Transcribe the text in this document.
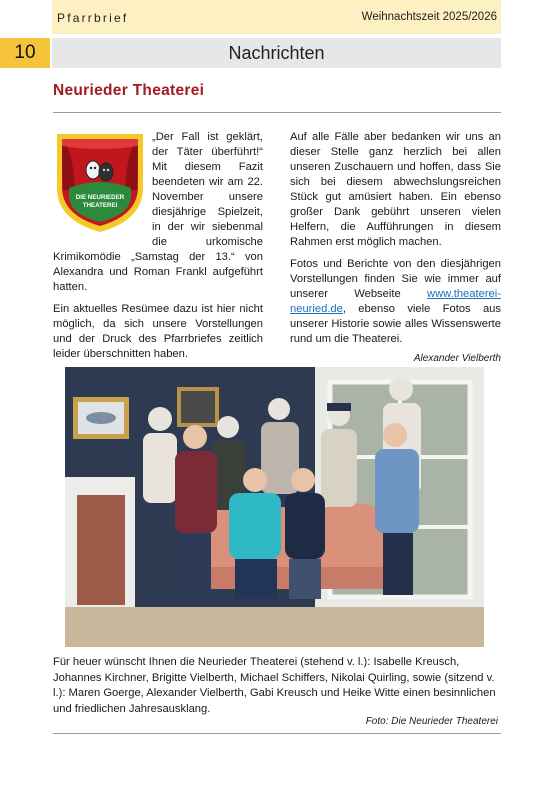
Pfarrbrief	Weihnachtszeit 2025/2026
10	Nachrichten
Neurieder Theaterei
DIE NEURIEDER
THEATEREI

„Der Fall ist geklärt, der Täter überführt!“ Mit diesem Fazit beendeten wir am 22. November unsere diesjährige Spielzeit, in der wir siebenmal die urkomische Krimikomödie „Samstag der 13.“ von Alexandra und Roman Frankl aufgeführt hatten.

Ein aktuelles Resümee dazu ist hier nicht möglich, da sich unsere Vorstellungen und der Druck des Pfarrbriefes zeitlich leider überschnitten haben.

Auf alle Fälle aber bedanken wir uns an dieser Stelle ganz herzlich bei allen unseren Zuschauern und hoffen, dass Sie sich bei diesem abwechslungsreichen Stück gut amüsiert haben. Ein ebenso großer Dank gebührt unseren vielen Helfern, die Aufführungen in diesem Rahmen erst möglich machen.

Fotos und Berichte von den diesjährigen Vorstellungen finden Sie wie immer auf unserer Webseite www.theaterei-neuried.de, ebenso viele Fotos aus unserer Historie sowie alles Wissenswerte rund um die Theaterei.

Alexander Vielberth
Für heuer wünscht Ihnen die Neurieder Theaterei (stehend v. l.): Isabelle Kreusch, Johannes Kirchner, Brigitte Vielberth, Michael Schiffers, Nikolai Quirling, sowie (sitzend v. l.): Maren Goerge, Alexander Vielberth, Gabi Kreusch und Heike Witte einen besinnlichen und friedlichen Jahresausklang.
Foto: Die Neurieder Theaterei
